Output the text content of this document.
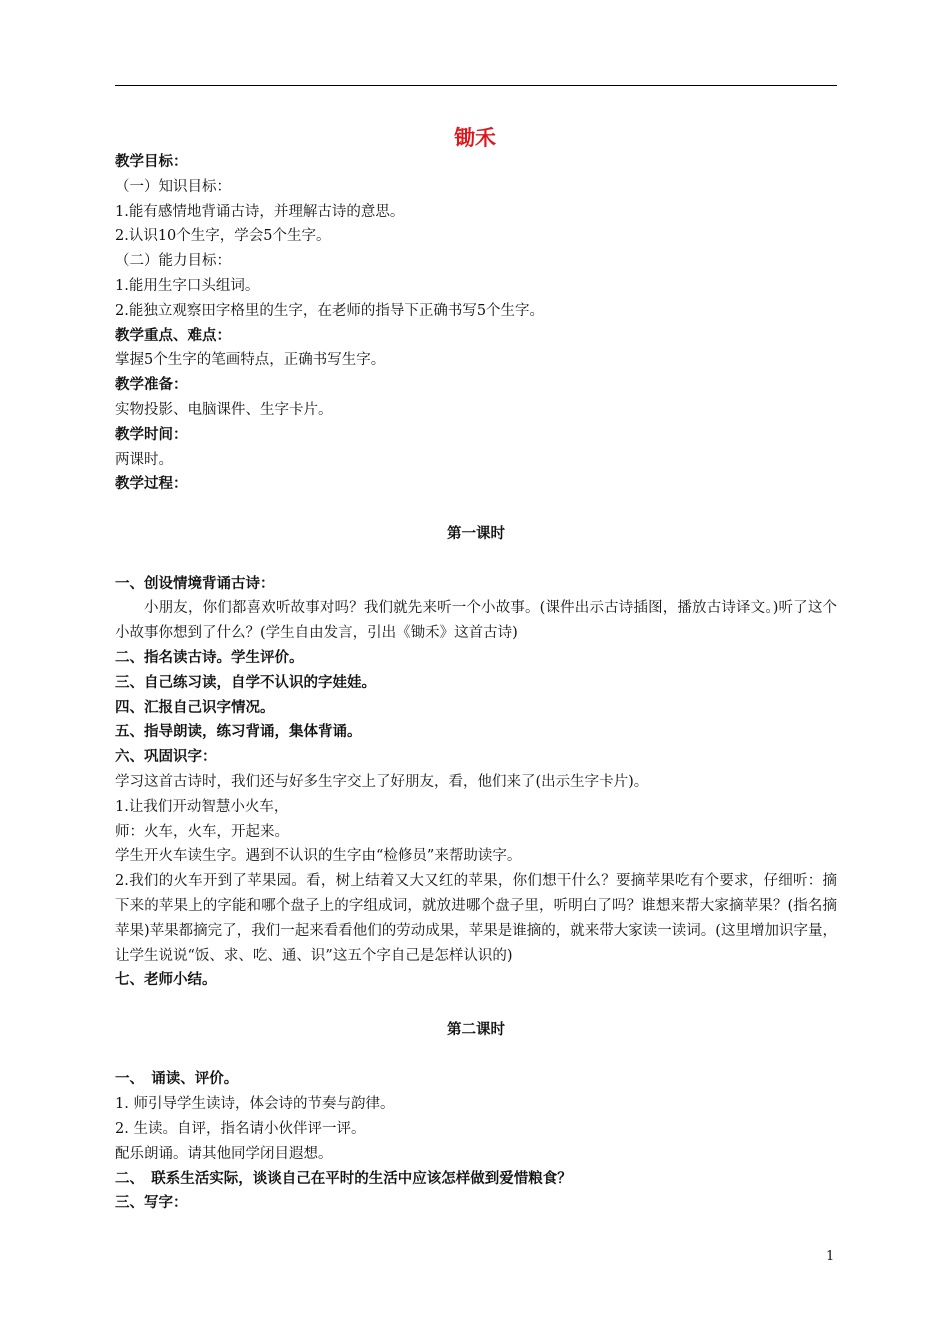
锄禾
教学目标：
（一）知识目标：
1.能有感情地背诵古诗，并理解古诗的意思。
2.认识10个生字，学会5个生字。
（二）能力目标：
1.能用生字口头组词。
2.能独立观察田字格里的生字，在老师的指导下正确书写5个生字。
教学重点、难点：
掌握5个生字的笔画特点，正确书写生字。
教学准备：
实物投影、电脑课件、生字卡片。
教学时间：
两课时。
教学过程：
第一课时
一、创设情境背诵古诗：
小朋友，你们都喜欢听故事对吗？我们就先来听一个小故事。(课件出示古诗插图，播放古诗译文。)听了这个小故事你想到了什么？(学生自由发言，引出《锄禾》这首古诗)
二、指名读古诗。学生评价。
三、自己练习读，自学不认识的字娃娃。
四、汇报自己识字情况。
五、指导朗读，练习背诵，集体背诵。
六、巩固识字：
学习这首古诗时，我们还与好多生字交上了好朋友，看，他们来了(出示生字卡片)。
1.让我们开动智慧小火车，
师：火车，火车，开起来。
学生开火车读生字。遇到不认识的生字由“检修员”来帮助读字。
2.我们的火车开到了苹果园。看，树上结着又大又红的苹果，你们想干什么？要摘苹果吃有个要求，仔细听：摘下来的苹果上的字能和哪个盘子上的字组成词，就放进哪个盘子里，听明白了吗？谁想来帮大家摘苹果？(指名摘苹果)苹果都摘完了，我们一起来看看他们的劳动成果，苹果是谁摘的，就来带大家读一读词。(这里增加识字量，让学生说说“饭、求、吃、通、识”这五个字自己是怎样认识的)
七、老师小结。
第二课时
一、　诵读、评价。
1. 师引导学生读诗，体会诗的节奏与韵律。
2. 生读。自评，指名请小伙伴评一评。
配乐朗诵。请其他同学闭目遐想。
二、　联系生活实际，谈谈自己在平时的生活中应该怎样做到爱惜粮食？
三、写字：
1
